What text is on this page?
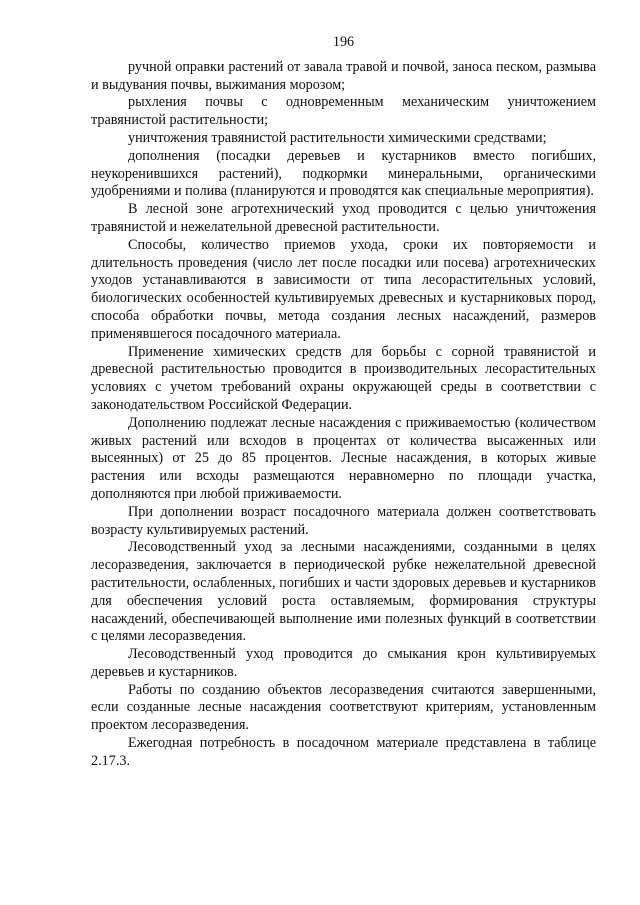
196

ручной оправки растений от завала травой и почвой, заноса песком, размыва и выдувания почвы, выжимания морозом;

рыхления почвы с одновременным механическим уничтожением травянистой растительности;

уничтожения травянистой растительности химическими средствами;

дополнения (посадки деревьев и кустарников вместо погибших, неукоренившихся растений), подкормки минеральными, органическими удобрениями и полива (планируются и проводятся как специальные мероприятия).

В лесной зоне агротехнический уход проводится с целью уничтожения травянистой и нежелательной древесной растительности.

Способы, количество приемов ухода, сроки их повторяемости и длительность проведения (число лет после посадки или посева) агротехнических уходов устанавливаются в зависимости от типа лесорастительных условий, биологических особенностей культивируемых древесных и кустарниковых пород, способа обработки почвы, метода создания лесных насаждений, размеров применявшегося посадочного материала.

Применение химических средств для борьбы с сорной травянистой и древесной растительностью проводится в производительных лесорастительных условиях с учетом требований охраны окружающей среды в соответствии с законодательством Российской Федерации.

Дополнению подлежат лесные насаждения с приживаемостью (количеством живых растений или всходов в процентах от количества высаженных или высеянных) от 25 до 85 процентов. Лесные насаждения, в которых живые растения или всходы размещаются неравномерно по площади участка, дополняются при любой приживаемости.

При дополнении возраст посадочного материала должен соответствовать возрасту культивируемых растений.

Лесоводственный уход за лесными насаждениями, созданными в целях лесоразведения, заключается в периодической рубке нежелательной древесной растительности, ослабленных, погибших и части здоровых деревьев и кустарников для обеспечения условий роста оставляемым, формирования структуры насаждений, обеспечивающей выполнение ими полезных функций в соответствии с целями лесоразведения.

Лесоводственный уход проводится до смыкания крон культивируемых деревьев и кустарников.

Работы по созданию объектов лесоразведения считаются завершенными, если созданные лесные насаждения соответствуют критериям, установленным проектом лесоразведения.

Ежегодная потребность в посадочном материале представлена в таблице 2.17.3.
